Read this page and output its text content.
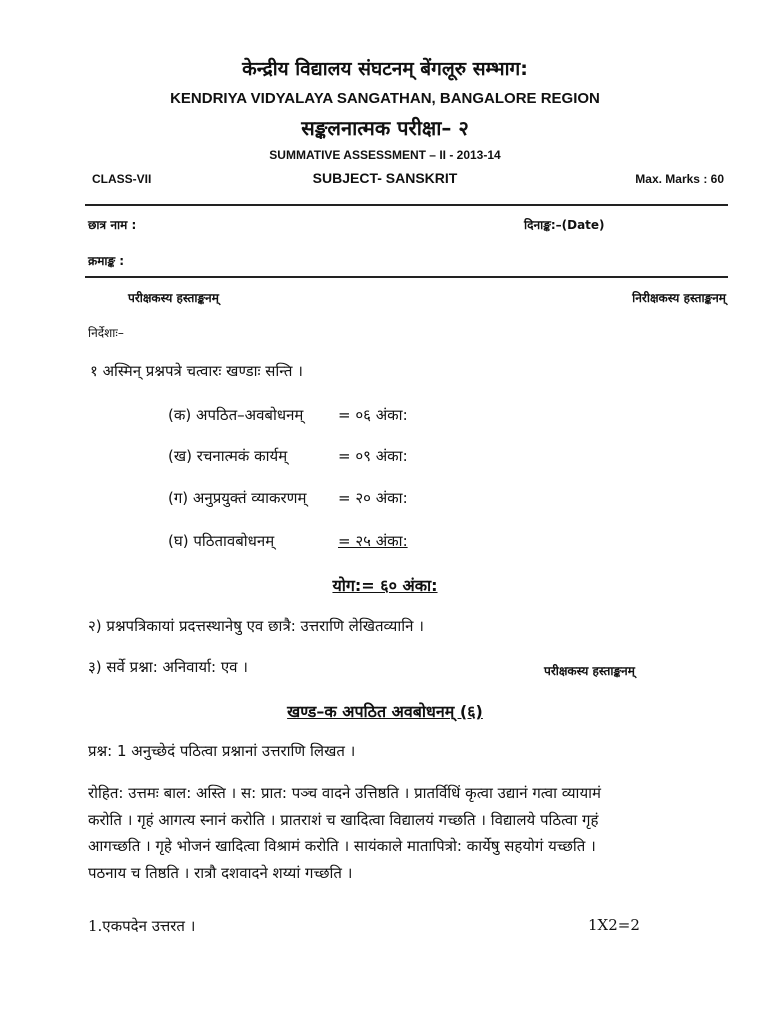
केन्द्रीय विद्यालय संघटनम् बेंगलूरु सम्भाग:
KENDRIYA VIDYALAYA SANGATHAN, BANGALORE REGION
सङ्कलनात्मक परीक्षा– २
SUMMATIVE ASSESSMENT – II - 2013-14
CLASS-VII	SUBJECT- SANSKRIT	Max. Marks : 60
छात्र नाम :	दिनाङ्क:–(Date)
क्रमाङ्क :
परीक्षकस्य हस्ताङ्कनम्	निरीक्षकस्य हस्ताङ्कनम्
निर्देशाः–
१ अस्मिन् प्रश्नपत्रे चत्वारः खण्डाः सन्ति ।
(क) अपठित–अवबोधनम् = ०६ अंका:
(ख) रचनात्मकं कार्यम्	= ०९ अंका:
(ग) अनुप्रयुक्तं व्याकरणम् = २० अंका:
(घ) पठितावबोधनम्	= २५ अंका:
योग:= ६० अंका:
२) प्रश्नपत्रिकायां प्रदत्तस्थानेषु एव छात्रै: उत्तराणि लेखितव्यानि ।
३) सर्वे प्रश्ना: अनिवार्या: एव ।	परीक्षकस्य हस्ताङ्कनम्
खण्ड–क अपठित अवबोधनम् (६)
प्रश्न: 1 अनुच्छेदं पठित्वा प्रश्नानां उत्तराणि लिखत ।
रोहित: उत्तमः बाल: अस्ति । स: प्रात: पञ्च वादने उत्तिष्ठति । प्रातर्विधिं कृत्वा उद्यानं गत्वा व्यायामं
करोति । गृहं आगत्य स्नानं करोति । प्रातराशं च खादित्वा विद्यालयं गच्छति । विद्यालये पठित्वा गृहं
आगच्छति । गृहे भोजनं खादित्वा विश्रामं करोति । सायंकाले मातापित्रो: कार्येषु सहयोगं यच्छति ।
पठनाय च तिष्ठति । रात्रौ दशवादने शय्यां गच्छति ।
1.एकपदेन उत्तरत ।	1X2=2
